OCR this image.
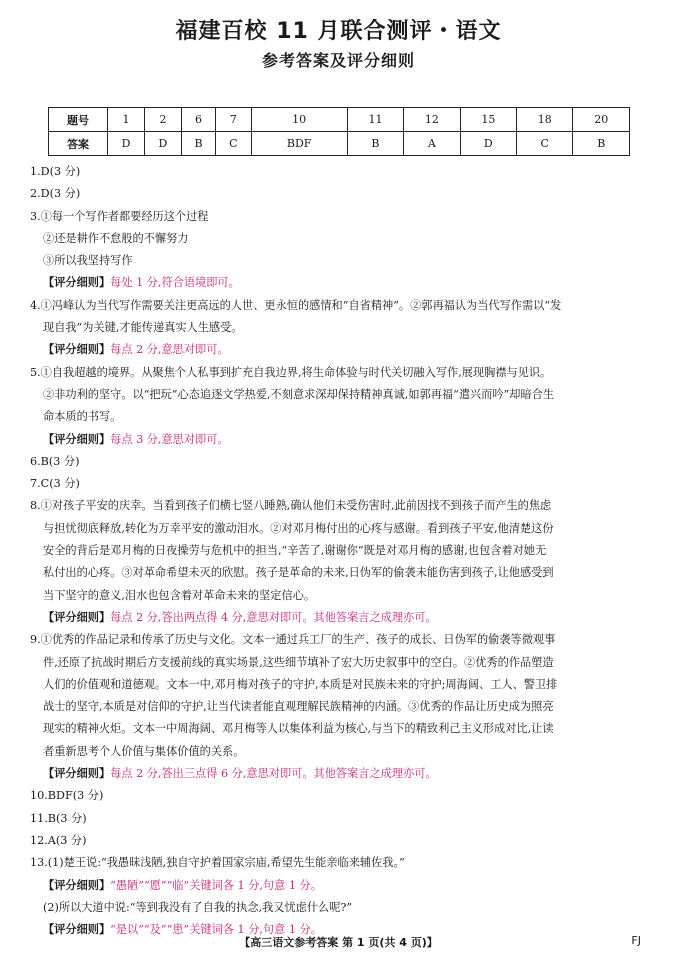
福建百校 11 月联合测评・语文
参考答案及评分细则
题号	1	2	6	7	10	11	12	15	18	20
答案	D	D	B	C	BDF	B	A	D	C	B
1.D(3 分)
2.D(3 分)
3.①每一个写作者都要经历这个过程
②还是耕作不怠般的不懈努力
③所以我坚持写作
【评分细则】每处 1 分,符合语境即可。
4.①冯峰认为当代写作需要关注更高远的人世、更永恒的感情和“自省精神”。②郭再福认为当代写作需以“发
现自我”为关键,才能传递真实人生感受。
【评分细则】每点 2 分,意思对即可。
5.①自我超越的境界。从聚焦个人私事到扩充自我边界,将生命体验与时代关切融入写作,展现胸襟与见识。
②非功利的坚守。以“把玩”心态追逐文学热爱,不刻意求深却保持精神真诚,如郭再福“遣兴而吟”却暗合生
命本质的书写。
【评分细则】每点 3 分,意思对即可。
6.B(3 分)
7.C(3 分)
8.①对孩子平安的庆幸。当看到孩子们横七竖八睡熟,确认他们未受伤害时,此前因找不到孩子而产生的焦虑
与担忧彻底释放,转化为万幸平安的激动泪水。②对邓月梅付出的心疼与感谢。看到孩子平安,他清楚这份
安全的背后是邓月梅的日夜操劳与危机中的担当,“辛苦了,谢谢你”既是对邓月梅的感谢,也包含着对她无
私付出的心疼。③对革命希望未灭的欣慰。孩子是革命的未来,日伪军的偷袭未能伤害到孩子,让他感受到
当下坚守的意义,泪水也包含着对革命未来的坚定信心。
【评分细则】每点 2 分,答出两点得 4 分,意思对即可。其他答案言之成理亦可。
9.①优秀的作品记录和传承了历史与文化。文本一通过兵工厂的生产、孩子的成长、日伪军的偷袭等微观事
件,还原了抗战时期后方支援前线的真实场景,这些细节填补了宏大历史叙事中的空白。②优秀的作品塑造
人们的价值观和道德观。文本一中,邓月梅对孩子的守护,本质是对民族未来的守护;周海阔、工人、警卫排
战士的坚守,本质是对信仰的守护,让当代读者能直观理解民族精神的内涵。③优秀的作品让历史成为照亮
现实的精神火炬。文本一中周海阔、邓月梅等人以集体利益为核心,与当下的精致利己主义形成对比,让读
者重新思考个人价值与集体价值的关系。
【评分细则】每点 2 分,答出三点得 6 分,意思对即可。其他答案言之成理亦可。
10.BDF(3 分)
11.B(3 分)
12.A(3 分)
13.(1)楚王说:“我愚昧浅陋,独自守护着国家宗庙,希望先生能亲临来辅佐我。”
【评分细则】“愚陋”“愿”“临”关键词各 1 分,句意 1 分。
(2)所以大道中说:“等到我没有了自我的执念,我又忧虑什么呢?”
【评分细则】“是以”“及”“患”关键词各 1 分,句意 1 分。
【高三语文参考答案 第 1 页(共 4 页)】	FJ
